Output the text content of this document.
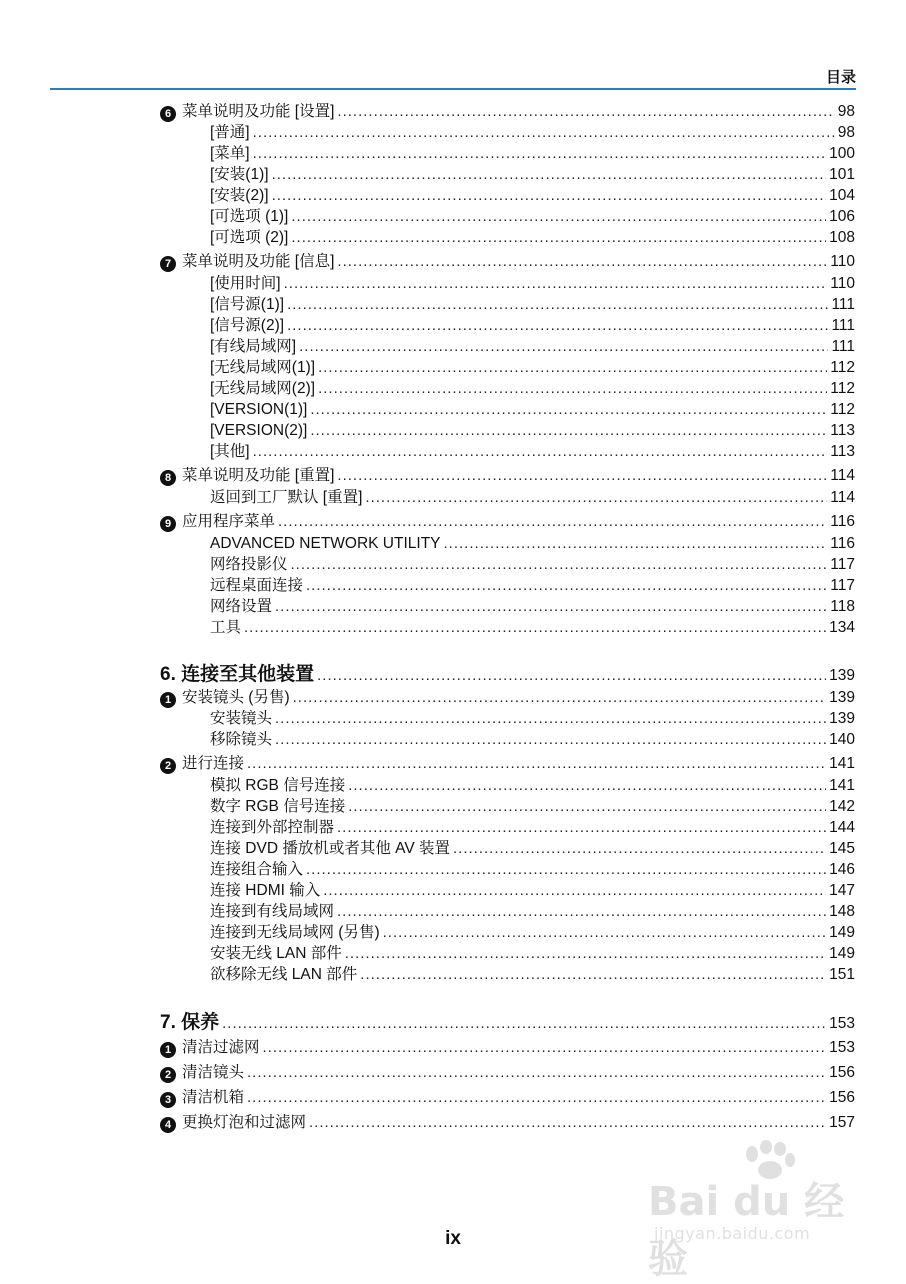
目录
6 菜单说明及功能 [设置] .....	98
[普通] .....	98
[菜单] .....	100
[安装(1)] .....	101
[安装(2)] .....	104
[可选项 (1)] .....	106
[可选项 (2)] .....	108
7 菜单说明及功能 [信息] .....	110
[使用时间] .....	110
[信号源(1)] .....	111
[信号源(2)] .....	111
[有线局域网] .....	111
[无线局域网(1)] .....	112
[无线局域网(2)] .....	112
[VERSION(1)] .....	112
[VERSION(2)] .....	113
[其他] .....	113
8 菜单说明及功能 [重置] .....	114
返回到工厂默认 [重置] .....	114
9 应用程序菜单 .....	116
ADVANCED NETWORK UTILITY .....	116
网络投影仪 .....	117
远程桌面连接 .....	117
网络设置 .....	118
工具 .....	134
6. 连接至其他装置 .....	139
1 安装镜头 (另售) .....	139
安装镜头 .....	139
移除镜头 .....	140
2 进行连接 .....	141
模拟 RGB 信号连接 .....	141
数字 RGB 信号连接 .....	142
连接到外部控制器 .....	144
连接 DVD 播放机或者其他 AV 装置 .....	145
连接组合输入 .....	146
连接 HDMI 输入 .....	147
连接到有线局域网 .....	148
连接到无线局域网 (另售) .....	149
安装无线 LAN 部件 .....	149
欲移除无线 LAN 部件 .....	151
7. 保养 .....	153
1 清洁过滤网 .....	153
2 清洁镜头 .....	156
3 清洁机箱 .....	156
4 更换灯泡和过滤网 .....	157
ix
Bai du 经验
jingyan.baidu.com
